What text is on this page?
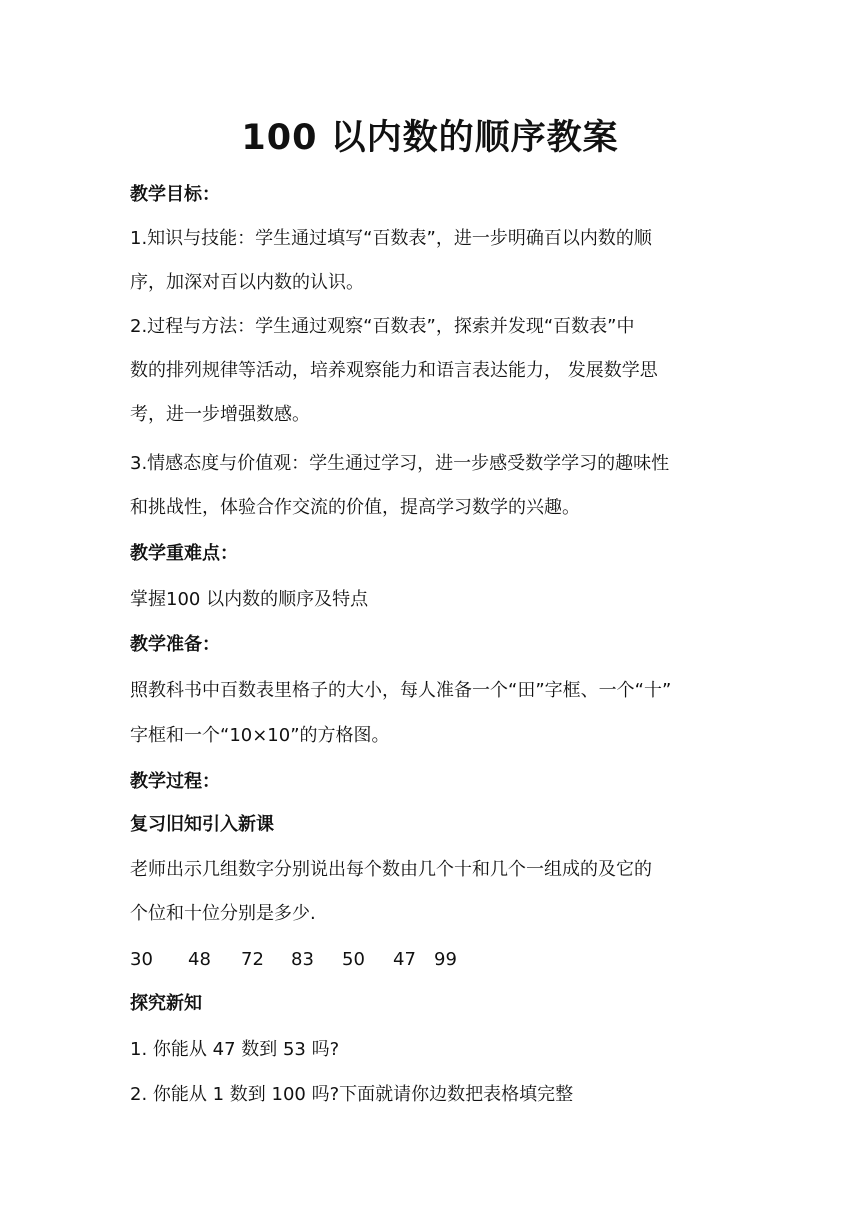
100 以内数的顺序教案
教学目标：
1.知识与技能：学生通过填写“百数表”，进一步明确百以内数的顺
序，加深对百以内数的认识。
2.过程与方法：学生通过观察“百数表”，探索并发现“百数表”中
数的排列规律等活动，培养观察能力和语言表达能力， 发展数学思
考，进一步增强数感。
3.情感态度与价值观：学生通过学习，进一步感受数学学习的趣味性
和挑战性，体验合作交流的价值，提高学习数学的兴趣。
教学重难点：
掌握100 以内数的顺序及特点
教学准备：
照教科书中百数表里格子的大小，每人准备一个“田”字框、一个“十”
字框和一个“10×10”的方格图。
教学过程：
复习旧知引入新课
老师出示几组数字分别说出每个数由几个十和几个一组成的及它的
个位和十位分别是多少.
30 48 72 83 50 47 99
探究新知
1. 你能从 47 数到 53 吗?
2. 你能从 1 数到 100 吗?下面就请你边数把表格填完整
